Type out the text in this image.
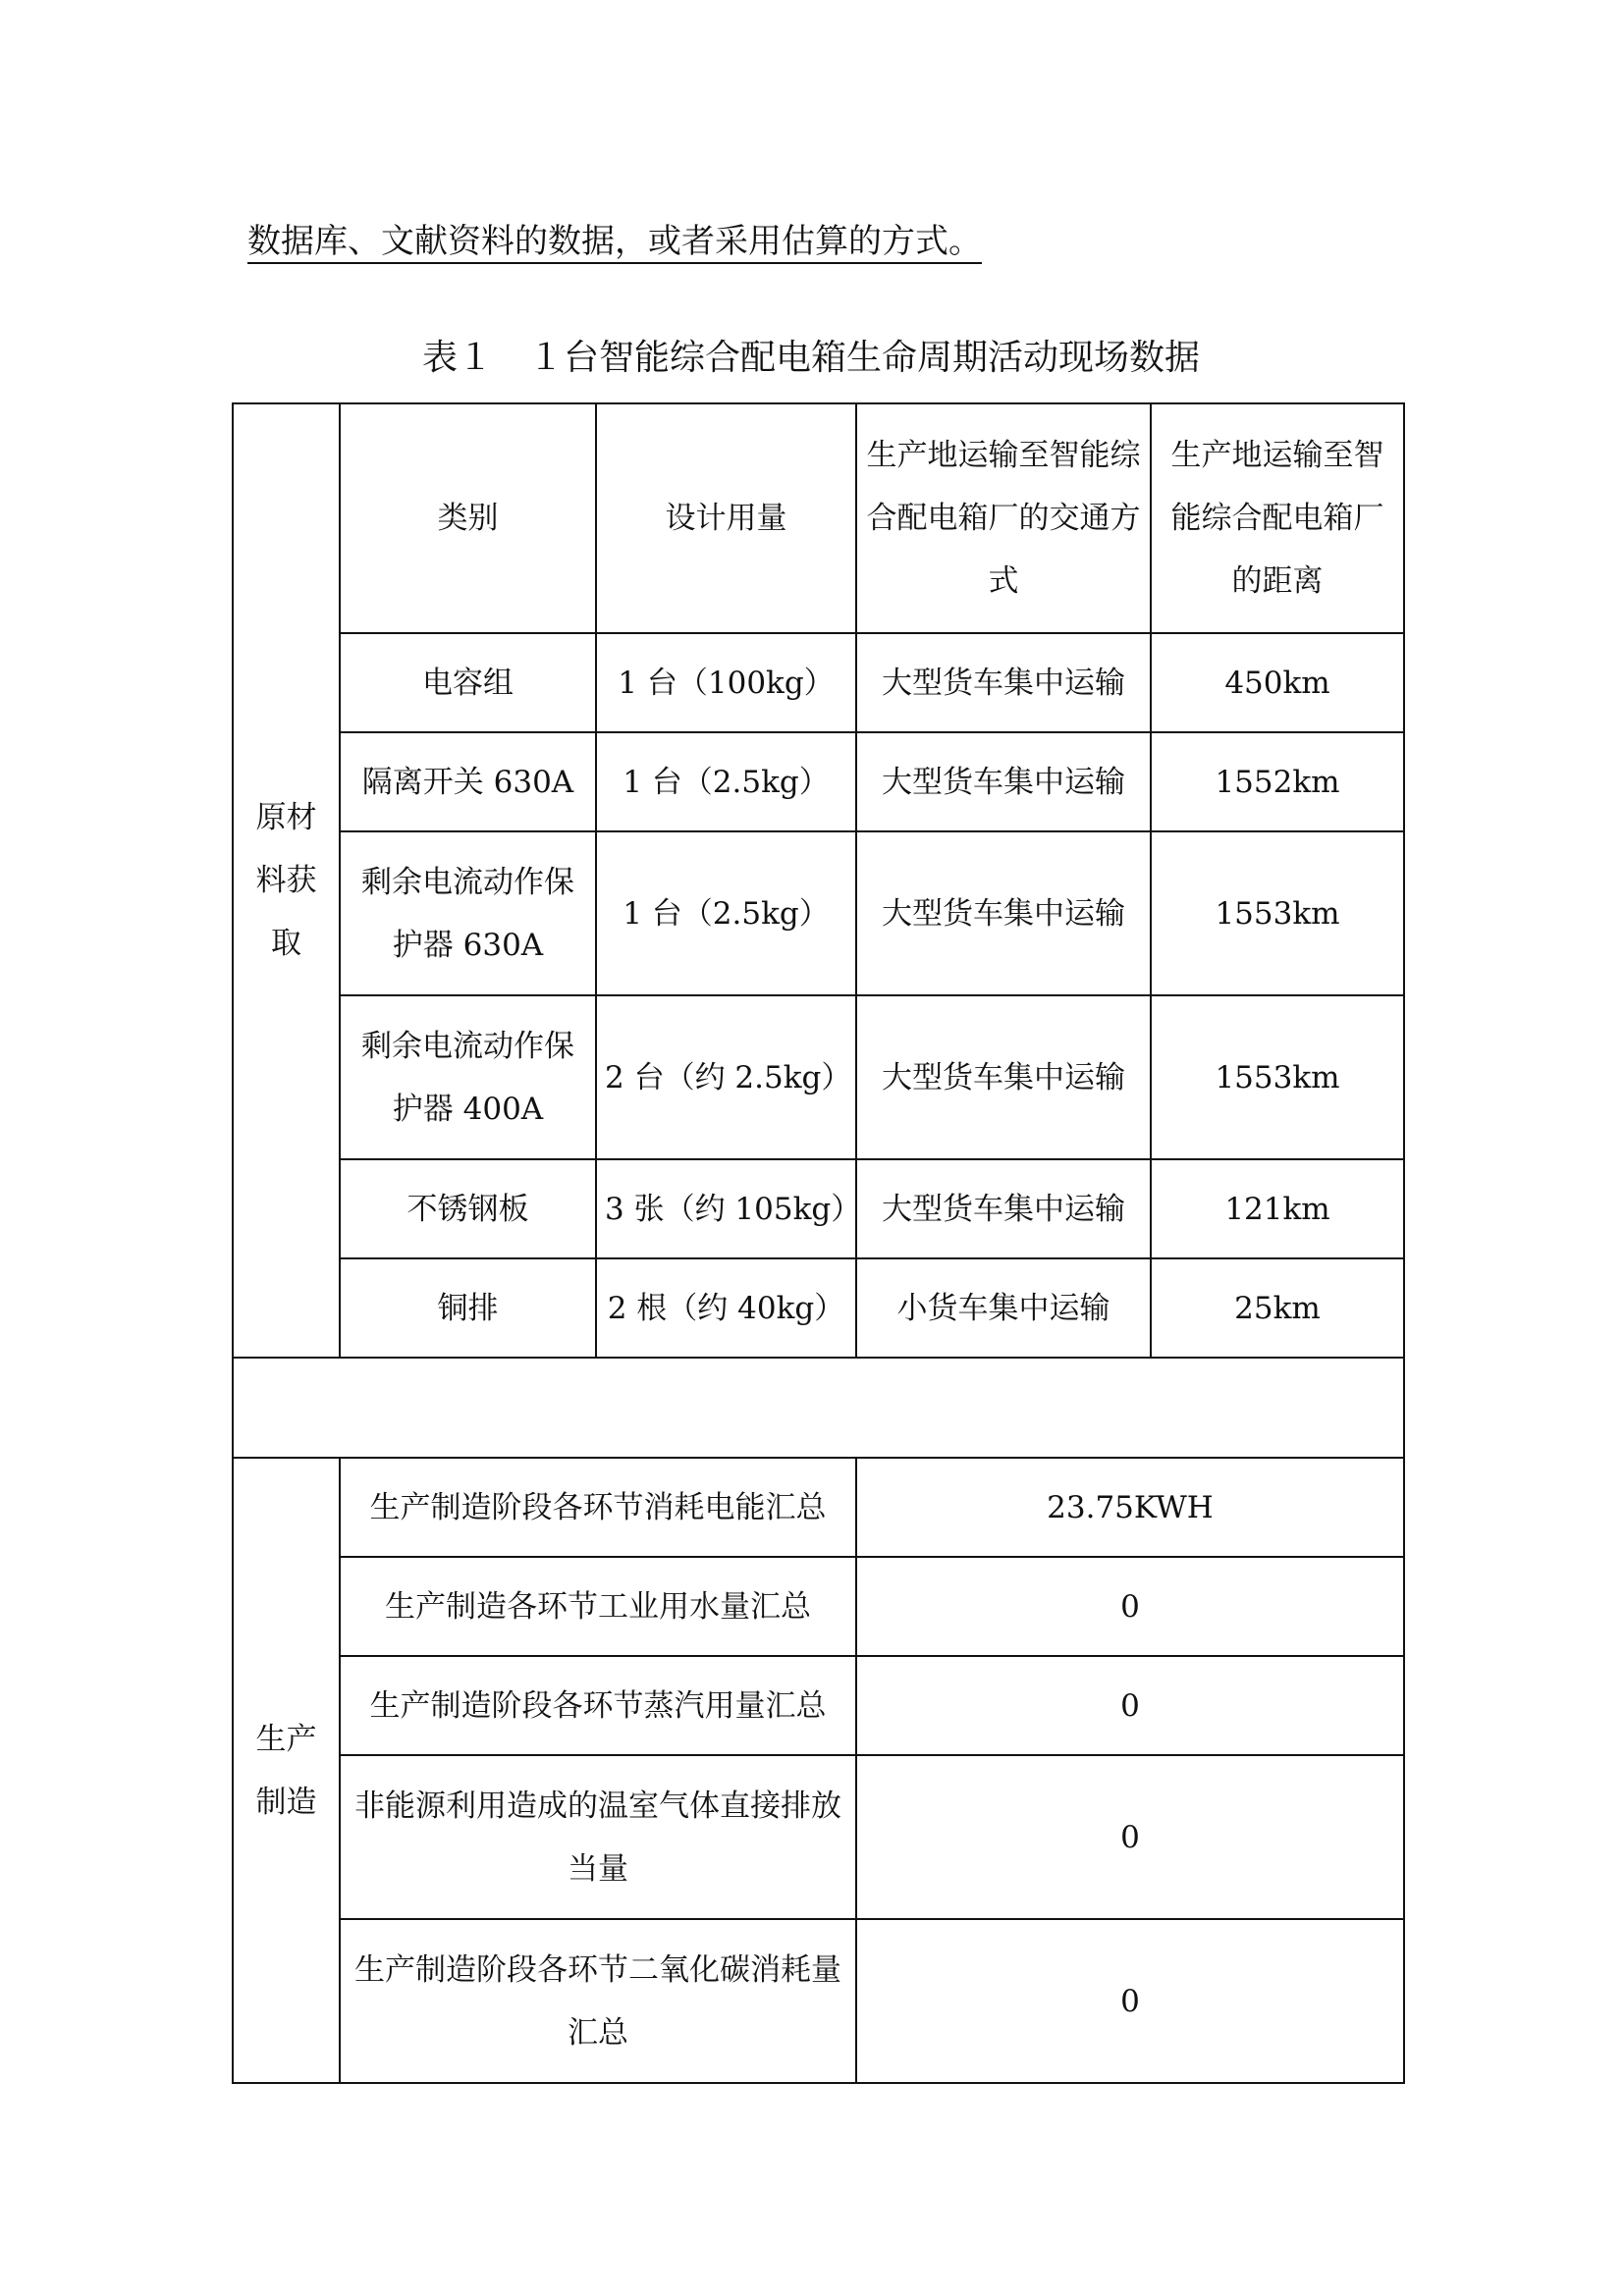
数据库、文献资料的数据，或者采用估算的方式。
表１　１台智能综合配电箱生命周期活动现场数据
原材料获取	类别	设计用量	生产地运输至智能综合配电箱厂的交通方式	生产地运输至智能综合配电箱厂的距离
	电容组	1 台（100kg）	大型货车集中运输	450km
	隔离开关 630A	1 台（2.5kg）	大型货车集中运输	1552km
	剩余电流动作保护器 630A	1 台（2.5kg）	大型货车集中运输	1553km
	剩余电流动作保护器 400A	2 台（约 2.5kg）	大型货车集中运输	1553km
	不锈钢板	3 张（约 105kg）	大型货车集中运输	121km
	铜排	2 根（约 40kg）	小货车集中运输	25km

生产制造	生产制造阶段各环节消耗电能汇总		23.75KWH	
	生产制造各环节工业用水量汇总		0	
	生产制造阶段各环节蒸汽用量汇总		0	
	非能源利用造成的温室气体直接排放当量		0	
	生产制造阶段各环节二氧化碳消耗量汇总		0	
